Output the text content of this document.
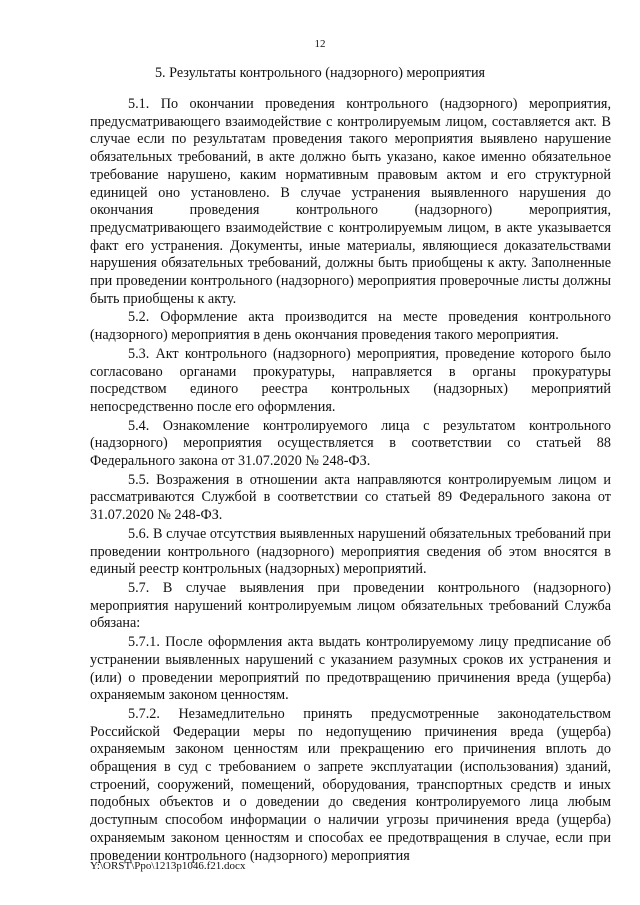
12
5. Результаты контрольного (надзорного) мероприятия

5.1. По окончании проведения контрольного (надзорного) мероприятия, предусматривающего взаимодействие с контролируемым лицом, составляется акт. В случае если по результатам проведения такого мероприятия выявлено нарушение обязательных требований, в акте должно быть указано, какое именно обязательное требование нарушено, каким нормативным правовым актом и его структурной единицей оно установлено. В случае устранения выявленного нарушения до окончания проведения контрольного (надзорного) мероприятия, предусматривающего взаимодействие с контролируемым лицом, в акте указывается факт его устранения. Документы, иные материалы, являющиеся доказательствами нарушения обязательных требований, должны быть приобщены к акту. Заполненные при проведении контрольного (надзорного) мероприятия проверочные листы должны быть приобщены к акту.

5.2. Оформление акта производится на месте проведения контрольного (надзорного) мероприятия в день окончания проведения такого мероприятия.

5.3. Акт контрольного (надзорного) мероприятия, проведение которого было согласовано органами прокуратуры, направляется в органы прокуратуры посредством единого реестра контрольных (надзорных) мероприятий непосредственно после его оформления.

5.4. Ознакомление контролируемого лица с результатом контрольного (надзорного) мероприятия осуществляется в соответствии со статьей 88 Федерального закона от 31.07.2020 № 248-ФЗ.

5.5. Возражения в отношении акта направляются контролируемым лицом и рассматриваются Службой в соответствии со статьей 89 Федерального закона от 31.07.2020 № 248-ФЗ.

5.6. В случае отсутствия выявленных нарушений обязательных требований при проведении контрольного (надзорного) мероприятия сведения об этом вносятся в единый реестр контрольных (надзорных) мероприятий.

5.7. В случае выявления при проведении контрольного (надзорного) мероприятия нарушений контролируемым лицом обязательных требований Служба обязана:

5.7.1. После оформления акта выдать контролируемому лицу предписание об устранении выявленных нарушений с указанием разумных сроков их устранения и (или) о проведении мероприятий по предотвращению причинения вреда (ущерба) охраняемым законом ценностям.

5.7.2. Незамедлительно принять предусмотренные законодательством Российской Федерации меры по недопущению причинения вреда (ущерба) охраняемым законом ценностям или прекращению его причинения вплоть до обращения в суд с требованием о запрете эксплуатации (использования) зданий, строений, сооружений, помещений, оборудования, транспортных средств и иных подобных объектов и о доведении до сведения контролируемого лица любым доступным способом информации о наличии угрозы причинения вреда (ущерба) охраняемым законом ценностям и способах ее предотвращения в случае, если при проведении контрольного (надзорного) мероприятия

Y:\ORST\Ppo\1213p1046.f21.docx
